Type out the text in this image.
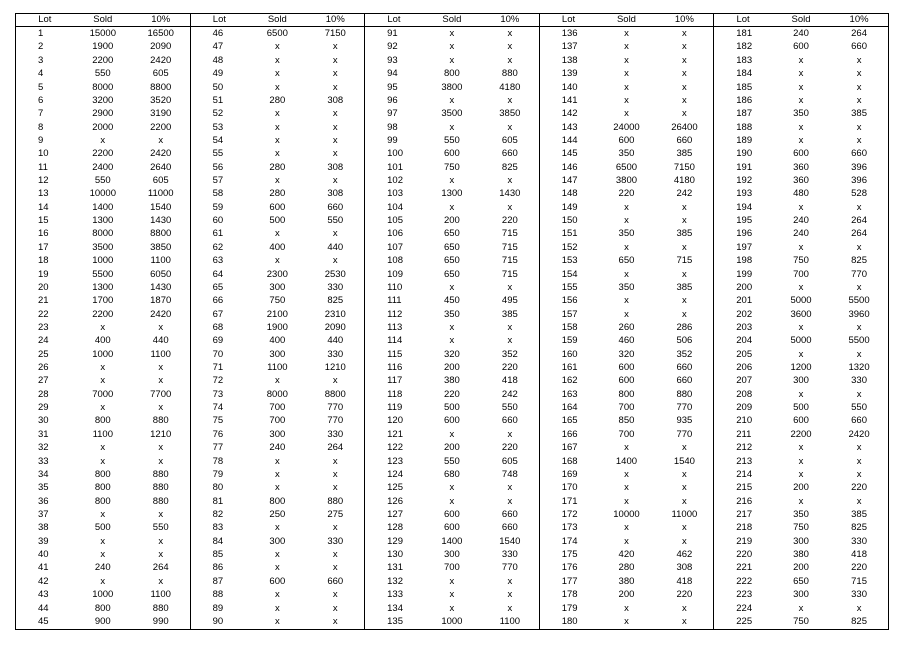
Lot	Sold	10%	Lot	Sold	10%	Lot	Sold	10%	Lot	Sold	10%	Lot	Sold	10%
1	15000	16500	46	6500	7150	91	x	x	136	x	x	181	240	264
2	1900	2090	47	x	x	92	x	x	137	x	x	182	600	660
3	2200	2420	48	x	x	93	x	x	138	x	x	183	x	x
4	550	605	49	x	x	94	800	880	139	x	x	184	x	x
5	8000	8800	50	x	x	95	3800	4180	140	x	x	185	x	x
6	3200	3520	51	280	308	96	x	x	141	x	x	186	x	x
7	2900	3190	52	x	x	97	3500	3850	142	x	x	187	350	385
8	2000	2200	53	x	x	98	x	x	143	24000	26400	188	x	x
9	x	x	54	x	x	99	550	605	144	600	660	189	x	x
10	2200	2420	55	x	x	100	600	660	145	350	385	190	600	660
11	2400	2640	56	280	308	101	750	825	146	6500	7150	191	360	396
12	550	605	57	x	x	102	x	x	147	3800	4180	192	360	396
13	10000	11000	58	280	308	103	1300	1430	148	220	242	193	480	528
14	1400	1540	59	600	660	104	x	x	149	x	x	194	x	x
15	1300	1430	60	500	550	105	200	220	150	x	x	195	240	264
16	8000	8800	61	x	x	106	650	715	151	350	385	196	240	264
17	3500	3850	62	400	440	107	650	715	152	x	x	197	x	x
18	1000	1100	63	x	x	108	650	715	153	650	715	198	750	825
19	5500	6050	64	2300	2530	109	650	715	154	x	x	199	700	770
20	1300	1430	65	300	330	110	x	x	155	350	385	200	x	x
21	1700	1870	66	750	825	111	450	495	156	x	x	201	5000	5500
22	2200	2420	67	2100	2310	112	350	385	157	x	x	202	3600	3960
23	x	x	68	1900	2090	113	x	x	158	260	286	203	x	x
24	400	440	69	400	440	114	x	x	159	460	506	204	5000	5500
25	1000	1100	70	300	330	115	320	352	160	320	352	205	x	x
26	x	x	71	1100	1210	116	200	220	161	600	660	206	1200	1320
27	x	x	72	x	x	117	380	418	162	600	660	207	300	330
28	7000	7700	73	8000	8800	118	220	242	163	800	880	208	x	x
29	x	x	74	700	770	119	500	550	164	700	770	209	500	550
30	800	880	75	700	770	120	600	660	165	850	935	210	600	660
31	1100	1210	76	300	330	121	x	x	166	700	770	211	2200	2420
32	x	x	77	240	264	122	200	220	167	x	x	212	x	x
33	x	x	78	x	x	123	550	605	168	1400	1540	213	x	x
34	800	880	79	x	x	124	680	748	169	x	x	214	x	x
35	800	880	80	x	x	125	x	x	170	x	x	215	200	220
36	800	880	81	800	880	126	x	x	171	x	x	216	x	x
37	x	x	82	250	275	127	600	660	172	10000	11000	217	350	385
38	500	550	83	x	x	128	600	660	173	x	x	218	750	825
39	x	x	84	300	330	129	1400	1540	174	x	x	219	300	330
40	x	x	85	x	x	130	300	330	175	420	462	220	380	418
41	240	264	86	x	x	131	700	770	176	280	308	221	200	220
42	x	x	87	600	660	132	x	x	177	380	418	222	650	715
43	1000	1100	88	x	x	133	x	x	178	200	220	223	300	330
44	800	880	89	x	x	134	x	x	179	x	x	224	x	x
45	900	990	90	x	x	135	1000	1100	180	x	x	225	750	825
